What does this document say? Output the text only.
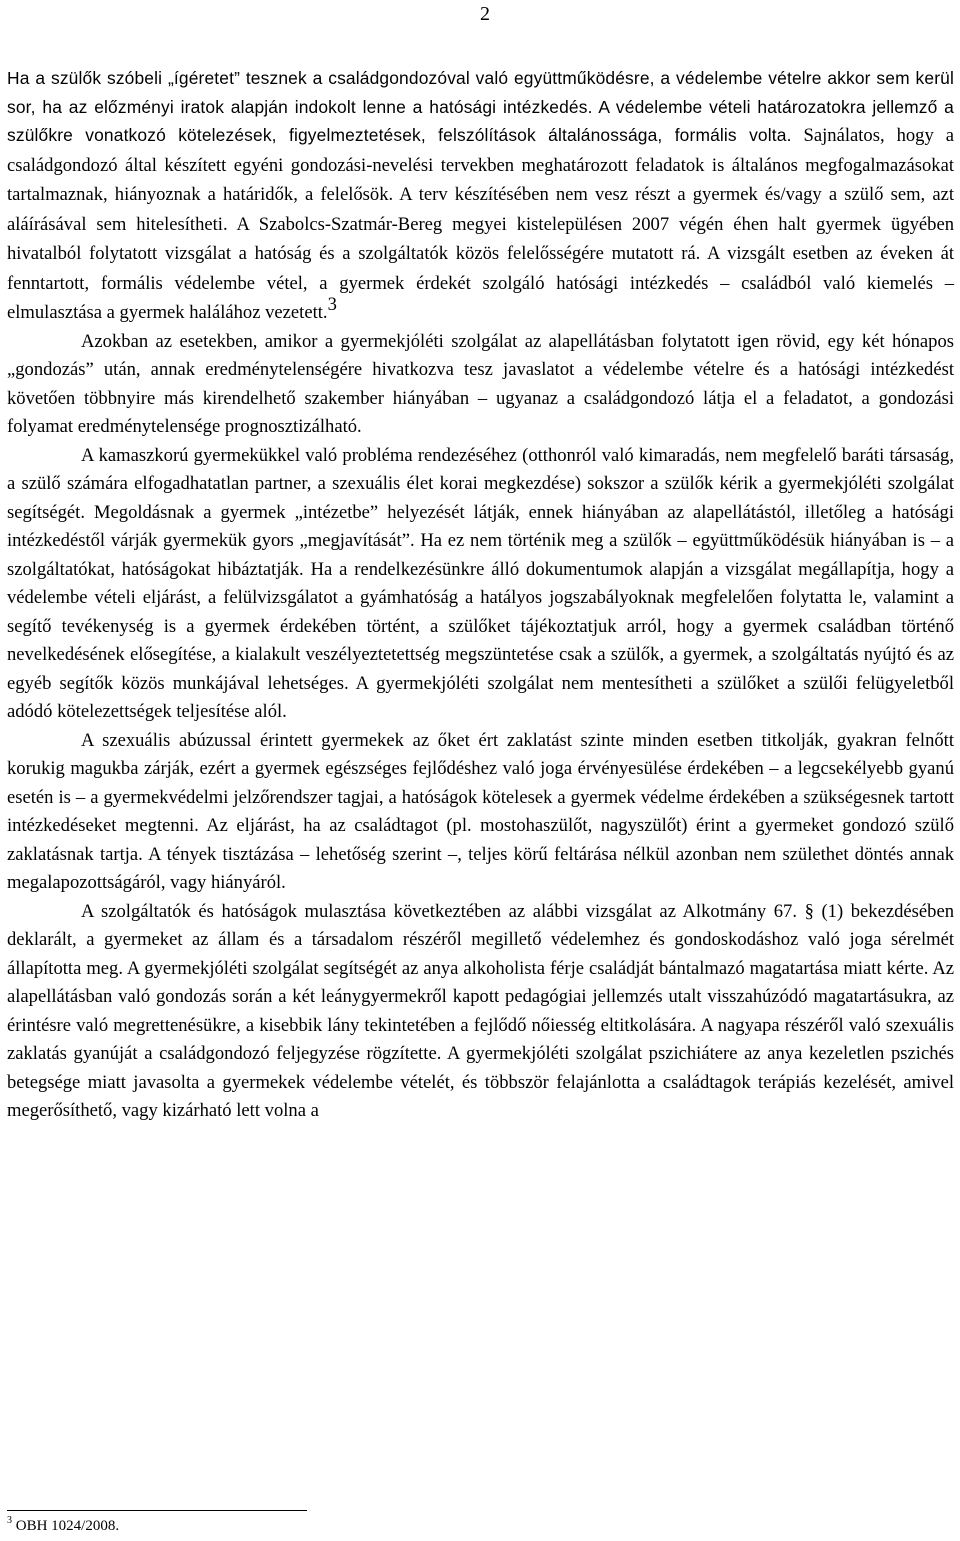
2

Ha a szülők szóbeli „ígéretet” tesznek a családgondozóval való együttműködésre, a védelembe vételre akkor sem kerül sor, ha az előzményi iratok alapján indokolt lenne a hatósági intézkedés. A védelembe vételi határozatokra jellemző a szülőkre vonatkozó kötelezések, figyelmeztetések, felszólítások általánossága, formális volta. Sajnálatos, hogy a családgondozó által készített egyéni gondozási-nevelési tervekben meghatározott feladatok is általános megfogalmazásokat tartalmaznak, hiányoznak a határidők, a felelősök. A terv készítésében nem vesz részt a gyermek és/vagy a szülő sem, azt aláírásával sem hitelesítheti. A Szabolcs-Szatmár-Bereg megyei kistelepülésen 2007 végén éhen halt gyermek ügyében hivatalból folytatott vizsgálat a hatóság és a szolgáltatók közös felelősségére mutatott rá. A vizsgált esetben az éveken át fenntartott, formális védelembe vétel, a gyermek érdekét szolgáló hatósági intézkedés – családból való kiemelés – elmulasztása a gyermek halálához vezetett.$^3$

Azokban az esetekben, amikor a gyermekjóléti szolgálat az alapellátásban folytatott igen rövid, egy két hónapos „gondozás” után, annak eredménytelenségére hivatkozva tesz javaslatot a védelembe vételre és a hatósági intézkedést követően többnyire más kirendelhető szakember hiányában – ugyanaz a családgondozó látja el a feladatot, a gondozási folyamat eredménytelensége prognosztizálható.

A kamaszkorú gyermekükkel való probléma rendezéséhez (otthonról való kimaradás, nem megfelelő baráti társaság, a szülő számára elfogadhatatlan partner, a szexuális élet korai megkezdése) sokszor a szülők kérik a gyermekjóléti szolgálat segítségét. Megoldásnak a gyermek „intézetbe” helyezését látják, ennek hiányában az alapellátástól, illetőleg a hatósági intézkedéstől várják gyermekük gyors „megjavítását”. Ha ez nem történik meg a szülők – együttműködésük hiányában is – a szolgáltatókat, hatóságokat hibáztatják. Ha a rendelkezésünkre álló dokumentumok alapján a vizsgálat megállapítja, hogy a védelembe vételi eljárást, a felülvizsgálatot a gyámhatóság a hatályos jogszabályoknak megfelelően folytatta le, valamint a segítő tevékenység is a gyermek érdekében történt, a szülőket tájékoztatjuk arról, hogy a gyermek családban történő nevelkedésének elősegítése, a kialakult veszélyeztetettség megszüntetése csak a szülők, a gyermek, a szolgáltatás nyújtó és az egyéb segítők közös munkájával lehetséges. A gyermekjóléti szolgálat nem mentesítheti a szülőket a szülői felügyeletből adódó kötelezettségek teljesítése alól.

A szexuális abúzussal érintett gyermekek az őket ért zaklatást szinte minden esetben titkolják, gyakran felnőtt korukig magukba zárják, ezért a gyermek egészséges fejlődéshez való joga érvényesülése érdekében – a legcsekélyebb gyanú esetén is – a gyermekvédelmi jelzőrendszer tagjai, a hatóságok kötelesek a gyermek védelme érdekében a szükségesnek tartott intézkedéseket megtenni. Az eljárást, ha az családtagot (pl. mostohaszülőt, nagyszülőt) érint a gyermeket gondozó szülő zaklatásnak tartja. A tények tisztázása – lehetőség szerint –, teljes körű feltárása nélkül azonban nem születhet döntés annak megalapozottságáról, vagy hiányáról.

A szolgáltatók és hatóságok mulasztása következtében az alábbi vizsgálat az Alkotmány 67. § (1) bekezdésében deklarált, a gyermeket az állam és a társadalom részéről megillető védelemhez és gondoskodáshoz való joga sérelmét állapította meg. A gyermekjóléti szolgálat segítségét az anya alkoholista férje családját bántalmazó magatartása miatt kérte. Az alapellátásban való gondozás során a két leánygyermekről kapott pedagógiai jellemzés utalt visszahúzódó magatartásukra, az érintésre való megrettenésükre, a kisebbik lány tekintetében a fejlődő nőiesség eltitkolására. A nagyapa részéről való szexuális zaklatás gyanúját a családgondozó feljegyzése rögzítette. A gyermekjóléti szolgálat pszichiátere az anya kezeletlen pszichés betegsége miatt javasolta a gyermekek védelembe vételét, és többször felajánlotta a családtagok terápiás kezelését, amivel megerősíthető, vagy kizárható lett volna a

$^3$ OBH 1024/2008.
